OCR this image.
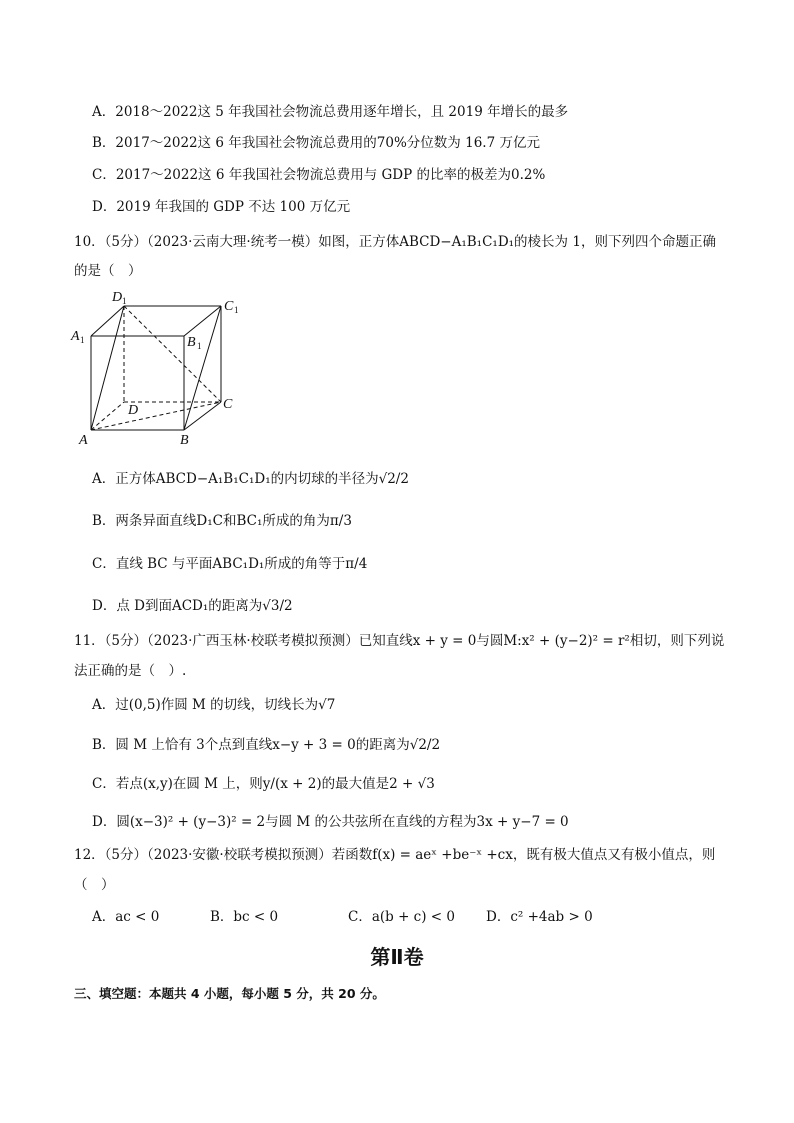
A．2018～2022这 5 年我国社会物流总费用逐年增长，且 2019 年增长的最多
B．2017～2022这 6 年我国社会物流总费用的70%分位数为 16.7 万亿元
C．2017～2022这 6 年我国社会物流总费用与 GDP 的比率的极差为0.2%
D．2019 年我国的 GDP 不达 100 万亿元
10．（5分）（2023·云南大理·统考一模）如图，正方体ABCD−A₁B₁C₁D₁的棱长为 1，则下列四个命题正确
的是（　）
D 1	C 1
A 1	B 1
D	C
A	B
A．正方体ABCD−A₁B₁C₁D₁的内切球的半径为√2/2
B．两条异面直线D₁C和BC₁所成的角为π/3
C．直线 BC 与平面ABC₁D₁所成的角等于π/4
D．点 D到面ACD₁的距离为√3/2
11．（5分）（2023·广西玉林·校联考模拟预测）已知直线x + y = 0与圆M:x² + (y−2)² = r²相切，则下列说
法正确的是（　）.
A．过(0,5)作圆 M 的切线，切线长为√7
B．圆 M 上恰有 3个点到直线x−y + 3 = 0的距离为√2/2
C．若点(x,y)在圆 M 上，则y/(x + 2)的最大值是2 + √3
D．圆(x−3)² + (y−3)² = 2与圆 M 的公共弦所在直线的方程为3x + y−7 = 0
12．（5分）（2023·安徽·校联考模拟预测）若函数f(x) = aeˣ +be⁻ˣ +cx，既有极大值点又有极小值点，则
（　）
A．ac < 0	B．bc < 0	C．a(b + c) < 0 D．c² +4ab > 0
第Ⅱ卷
三、填空题：本题共 4 小题，每小题 5 分，共 20 分。
